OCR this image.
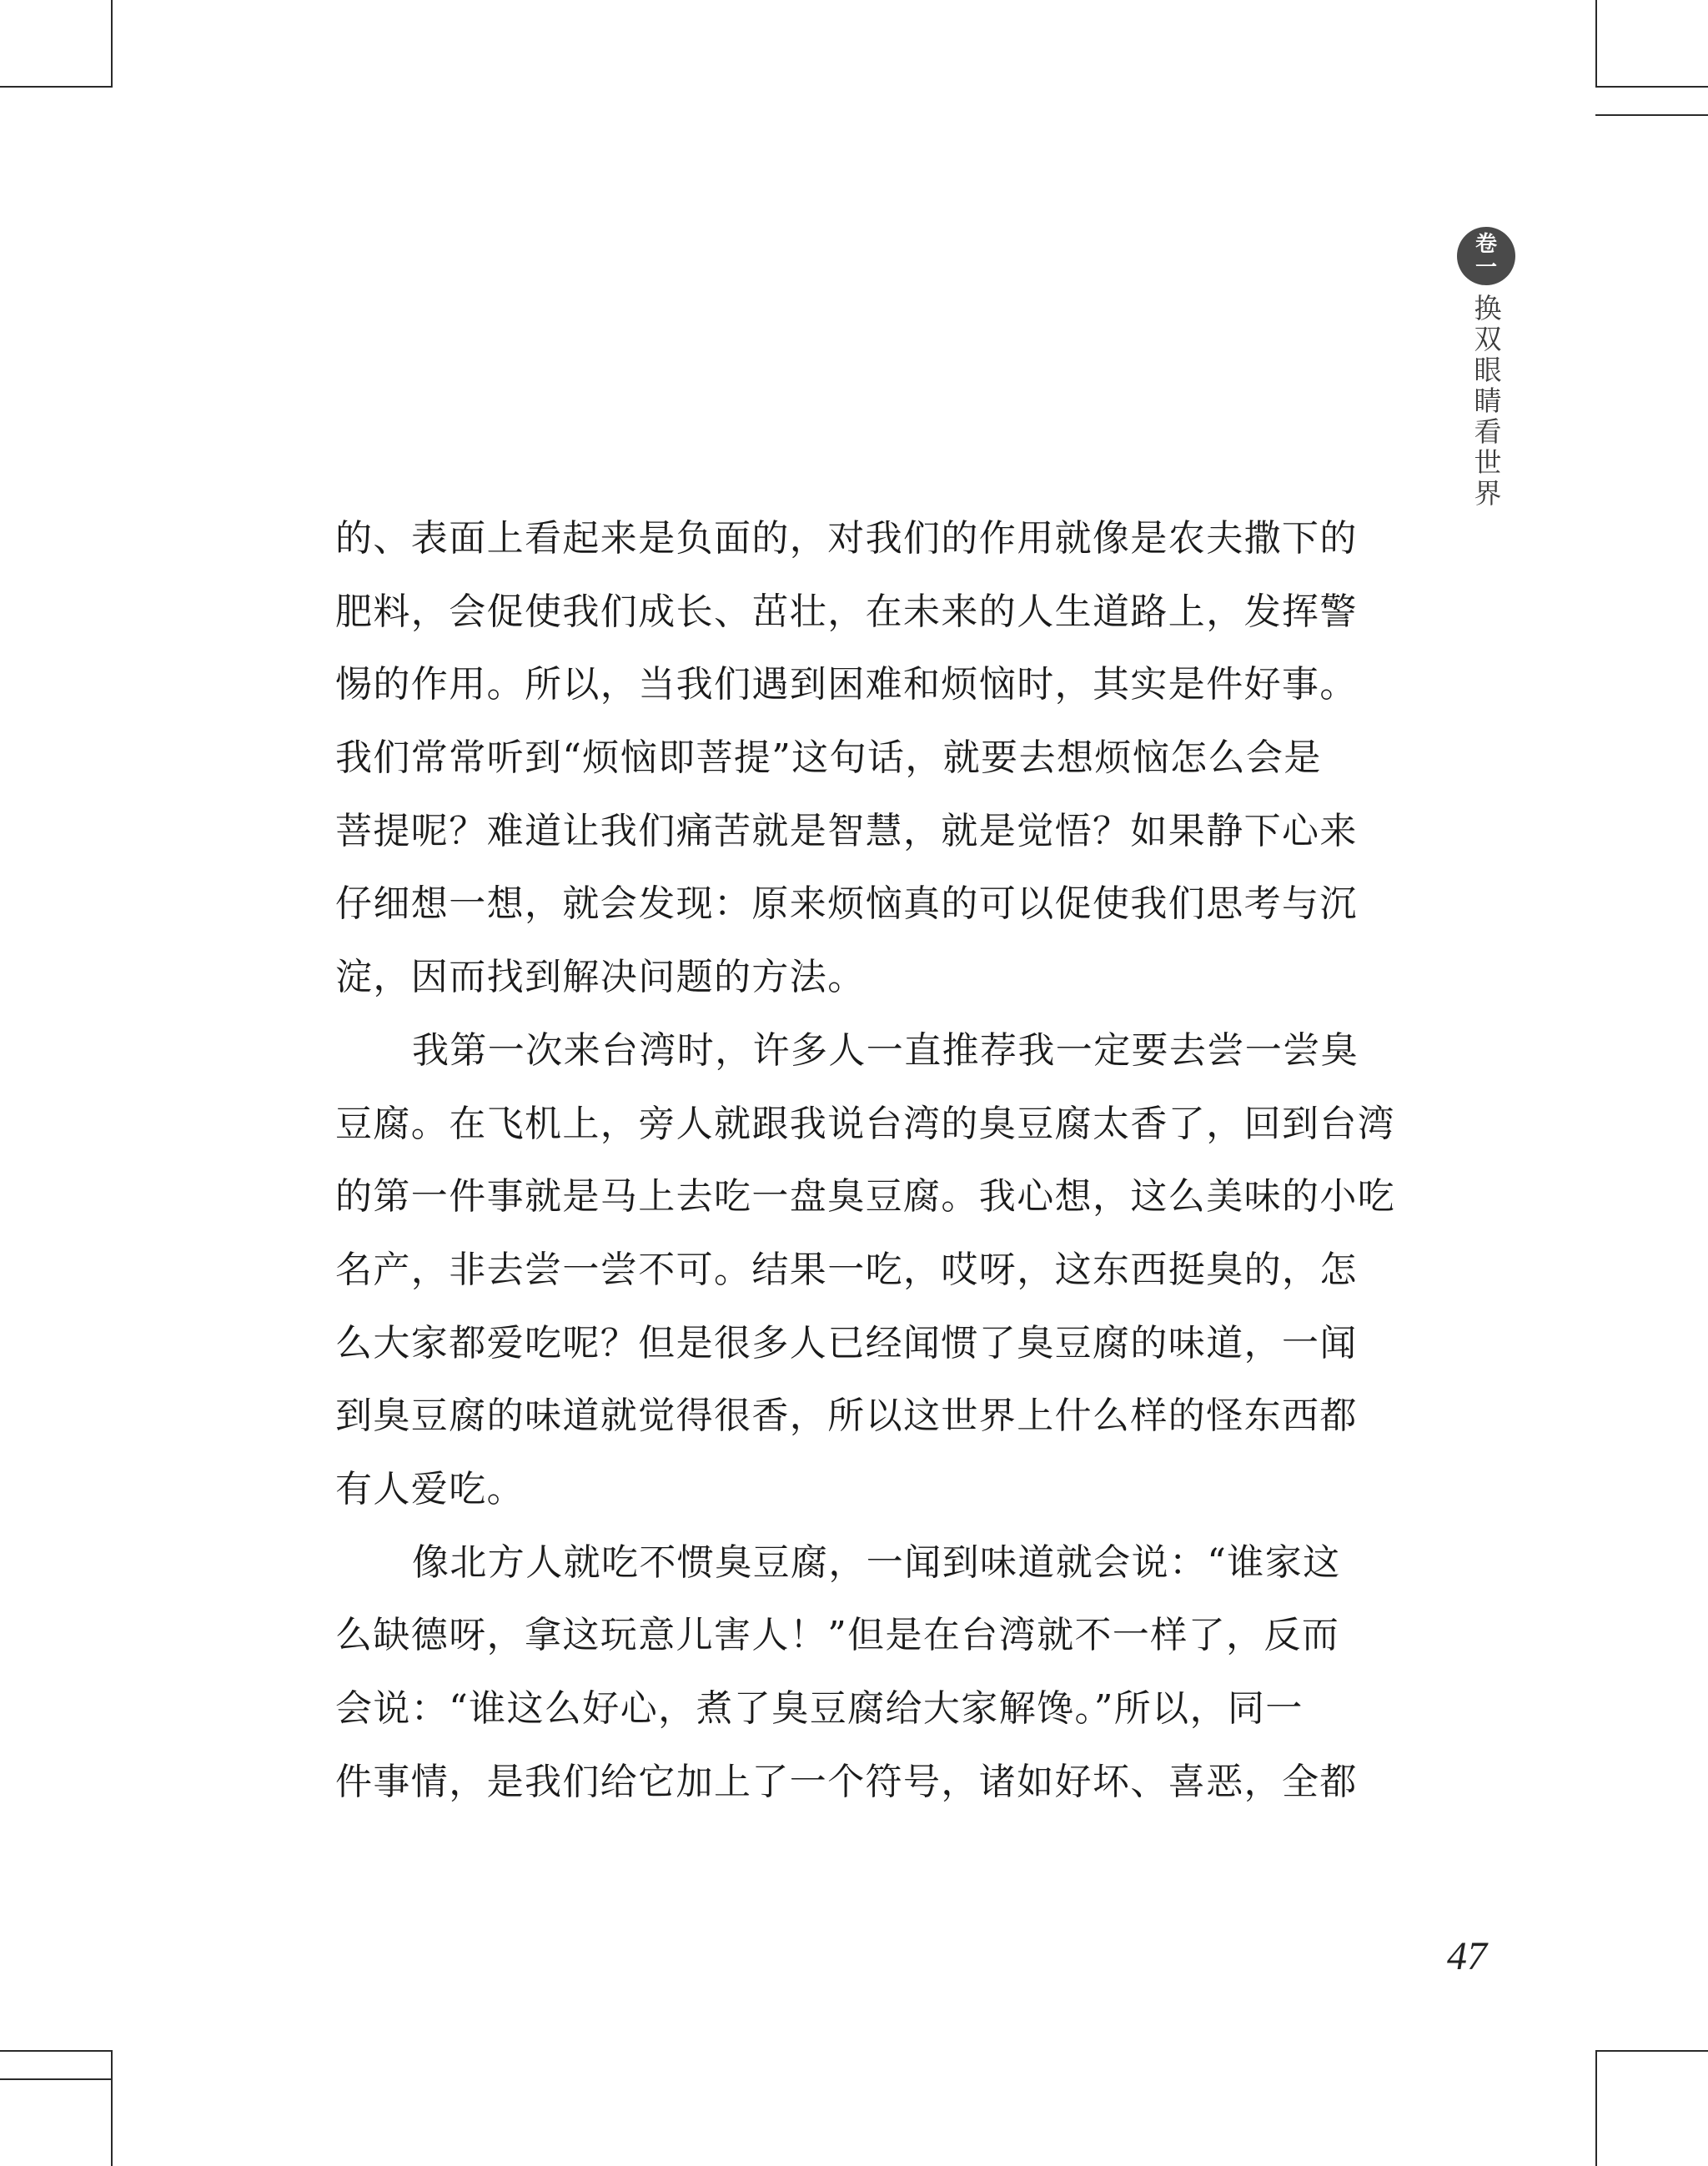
卷
一
换双眼睛看世界
的、表面上看起来是负面的，对我们的作用就像是农夫撒下的
肥料，会促使我们成长、茁壮，在未来的人生道路上，发挥警
惕的作用。所以，当我们遇到困难和烦恼时，其实是件好事。
我们常常听到“烦恼即菩提”这句话，就要去想烦恼怎么会是
菩提呢？难道让我们痛苦就是智慧，就是觉悟？如果静下心来
仔细想一想，就会发现：原来烦恼真的可以促使我们思考与沉
淀，因而找到解决问题的方法。
我第一次来台湾时，许多人一直推荐我一定要去尝一尝臭
豆腐。在飞机上，旁人就跟我说台湾的臭豆腐太香了，回到台湾
的第一件事就是马上去吃一盘臭豆腐。我心想，这么美味的小吃
名产，非去尝一尝不可。结果一吃，哎呀，这东西挺臭的，怎
么大家都爱吃呢？但是很多人已经闻惯了臭豆腐的味道，一闻
到臭豆腐的味道就觉得很香，所以这世界上什么样的怪东西都
有人爱吃。
像北方人就吃不惯臭豆腐，一闻到味道就会说：“谁家这
么缺德呀，拿这玩意儿害人！”但是在台湾就不一样了，反而
会说：“谁这么好心，煮了臭豆腐给大家解馋。”所以，同一
件事情，是我们给它加上了一个符号，诸如好坏、喜恶，全都
47
